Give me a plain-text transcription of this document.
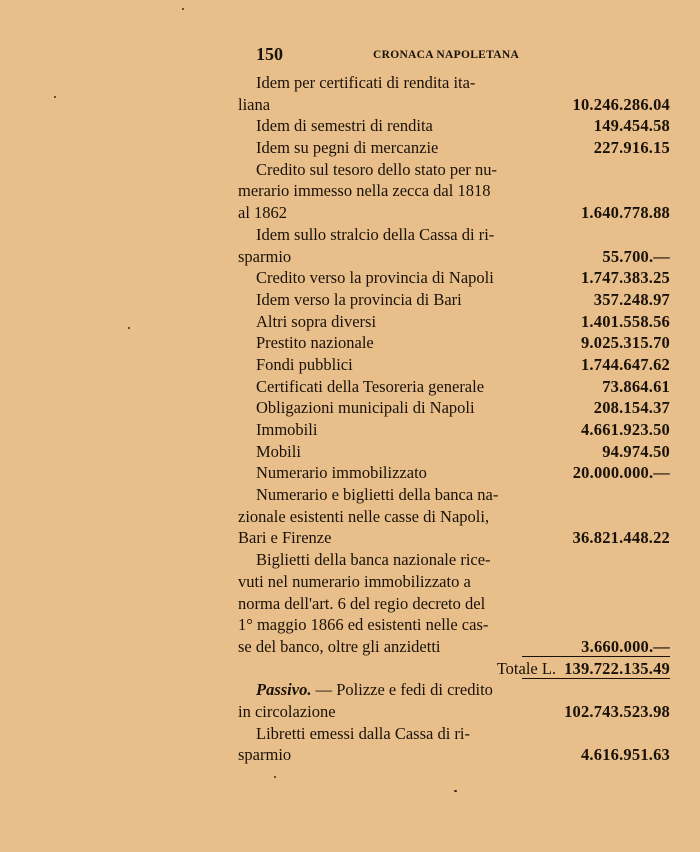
150	CRONACA NAPOLETANA
Idem per certificati di rendita ita-
liana	10.246.286.04
Idem di semestri di rendita	149.454.58
Idem su pegni di mercanzie	227.916.15
Credito sul tesoro dello stato per nu-
merario immesso nella zecca dal 1818
al 1862	1.640.778.88
Idem sullo stralcio della Cassa di ri-
sparmio	55.700.—
Credito verso la provincia di Napoli	1.747.383.25
Idem verso la provincia di Bari	357.248.97
Altri sopra diversi	1.401.558.56
Prestito nazionale	9.025.315.70
Fondi pubblici	1.744.647.62
Certificati della Tesoreria generale	73.864.61
Obligazioni municipali di Napoli	208.154.37
Immobili	4.661.923.50
Mobili	94.974.50
Numerario immobilizzato	20.000.000.—
Numerario e biglietti della banca na-
zionale esistenti nelle casse di Napoli,
Bari e Firenze	36.821.448.22
Biglietti della banca nazionale rice-
vuti nel numerario immobilizzato a
norma dell'art. 6 del regio decreto del
1° maggio 1866 ed esistenti nelle cas-
se del banco, oltre gli anzidetti	3.660.000.—
Totale L. 139.722.135.49
Passivo. — Polizze e fedi di credito
in circolazione	102.743.523.98
Libretti emessi dalla Cassa di ri-
sparmio	4.616.951.63
